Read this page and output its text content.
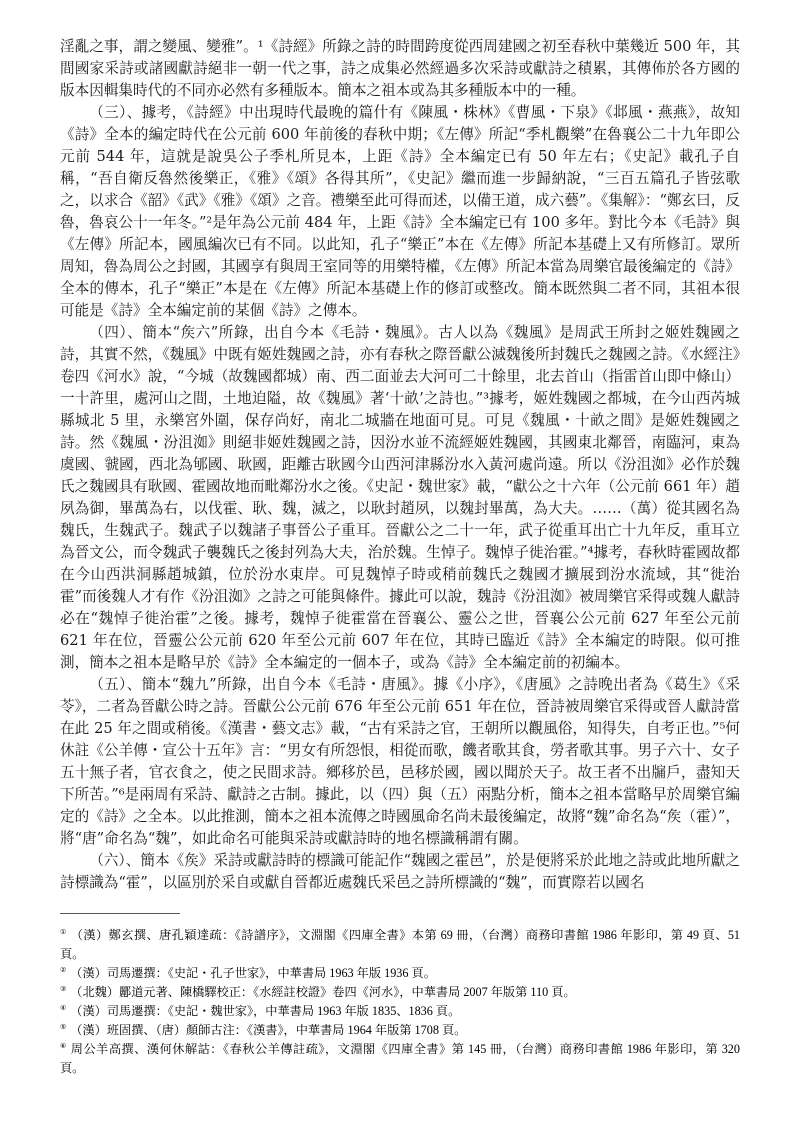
淫亂之事，謂之變風、變雅”。¹《詩經》所錄之詩的時間跨度從西周建國之初至春秋中葉幾近 500 年，其間國家采詩或諸國獻詩絕非一朝一代之事，詩之成集必然經過多次采詩或獻詩之積累，其傳佈於各方國的版本因輯集時代的不同亦必然有多種版本。簡本之祖本或為其多種版本中的一種。

（三）、據考，《詩經》中出現時代最晚的篇什有《陳風・株林》《曹風・下泉》《邶風・燕燕》，故知《詩》全本的編定時代在公元前 600 年前後的春秋中期；《左傳》所記“季札觀樂”在魯襄公二十九年即公元前 544 年，這就是說吳公子季札所見本，上距《詩》全本編定已有 50 年左右；《史記》載孔子自稱，“吾自衛反魯然後樂正，《雅》《頌》各得其所”，《史記》繼而進一步歸納說，“三百五篇孔子皆弦歌之，以求合《韶》《武》《雅》《頌》之音。禮樂至此可得而述，以備王道，成六藝”。《集解》：“鄭玄曰，反魯，魯哀公十一年冬。”²是年為公元前 484 年，上距《詩》全本編定已有 100 多年。對比今本《毛詩》與《左傳》所記本，國風編次已有不同。以此知，孔子“樂正”本在《左傳》所記本基礎上又有所修訂。眾所周知，魯為周公之封國，其國享有與周王室同等的用樂特權，《左傳》所記本當為周樂官最後編定的《詩》全本的傳本，孔子“樂正”本是在《左傳》所記本基礎上作的修訂或整改。簡本既然與二者不同，其祖本很可能是《詩》全本編定前的某個《詩》之傳本。

（四）、簡本“矦六”所錄，出自今本《毛詩・魏風》。古人以為《魏風》是周武王所封之姬姓魏國之詩，其實不然，《魏風》中既有姬姓魏國之詩，亦有春秋之際晉獻公滅魏後所封魏氏之魏國之詩。《水經注》卷四《河水》說，“今城（故魏國都城）南、西二面並去大河可二十餘里，北去首山（指雷首山即中條山）一十許里，處河山之間，土地迫隘，故《魏風》著‘十畝’之詩也。”³據考，姬姓魏國之都城，在今山西芮城縣城北 5 里，永樂宮外圍，保存尚好，南北二城牆在地面可見。可見《魏風・十畝之間》是姬姓魏國之詩。然《魏風・汾沮洳》則絕非姬姓魏國之詩，因汾水並不流經姬姓魏國，其國東北鄰晉，南臨河，東為虞國、虢國，西北為郇國、耿國，距離古耿國今山西河津縣汾水入黃河處尚遠。所以《汾沮洳》必作於魏氏之魏國具有耿國、霍國故地而毗鄰汾水之後。《史記・魏世家》載，“獻公之十六年（公元前 661 年）趙夙為御，畢萬為右，以伐霍、耿、魏，滅之，以耿封趙夙，以魏封畢萬，為大夫。……（萬）從其國名為魏氏，生魏武子。魏武子以魏諸子事晉公子重耳。晉獻公之二十一年，武子從重耳出亡十九年反，重耳立為晉文公，而令魏武子襲魏氏之後封列為大夫，治於魏。生悼子。魏悼子徙治霍。”⁴據考，春秋時霍國故都在今山西洪洞縣趙城鎮，位於汾水東岸。可見魏悼子時或稍前魏氏之魏國才擴展到汾水流域，其“徙治霍”而後魏人才有作《汾沮洳》之詩之可能與條件。據此可以說，魏詩《汾沮洳》被周樂官采得或魏人獻詩必在“魏悼子徙治霍”之後。據考，魏悼子徙霍當在晉襄公、靈公之世，晉襄公公元前 627 年至公元前 621 年在位，晉靈公公元前 620 年至公元前 607 年在位，其時已臨近《詩》全本編定的時限。似可推測，簡本之祖本是略早於《詩》全本編定的一個本子，或為《詩》全本編定前的初編本。

（五）、簡本“魏九”所錄，出自今本《毛詩・唐風》。據《小序》，《唐風》之詩晚出者為《葛生》《采苓》，二者為晉獻公時之詩。晉獻公公元前 676 年至公元前 651 年在位，晉詩被周樂官采得或晉人獻詩當在此 25 年之間或稍後。《漢書・藝文志》載，“古有采詩之官，王朝所以觀風俗，知得失，自考正也。”⁵何休註《公羊傳・宣公十五年》言：“男女有所怨恨，相從而歌，饑者歌其食，勞者歌其事。男子六十、女子五十無子者，官衣食之，使之民間求詩。鄉移於邑，邑移於國，國以聞於天子。故王者不出牖戶，盡知天下所苦。”⁶是兩周有采詩、獻詩之古制。據此，以（四）與（五）兩點分析，簡本之祖本當略早於周樂官編定的《詩》之全本。以此推測，簡本之祖本流傳之時國風命名尚未最後編定，故將“魏”命名為“矦（霍）”，將“唐”命名為“魏”，如此命名可能與采詩或獻詩時的地名標識稱謂有關。

（六）、簡本《矦》采詩或獻詩時的標識可能記作“魏國之霍邑”，於是便將采於此地之詩或此地所獻之詩標識為“霍”，以區別於采自或獻自晉都近處魏氏采邑之詩所標識的“魏”，而實際若以國名

① （漢）鄭玄撰、唐孔穎達疏：《詩譜序》，文淵閣《四庫全書》本第 69 冊，（台灣）商務印書館 1986 年影印，第 49 頁、51 頁。

② （漢）司馬遷撰：《史記・孔子世家》，中華書局 1963 年版 1936 頁。

③ （北魏）酈道元著、陳橋驛校正：《水經註校證》卷四《河水》，中華書局 2007 年版第 110 頁。

④ （漢）司馬遷撰：《史記・魏世家》，中華書局 1963 年版 1835、1836 頁。

⑤ （漢）班固撰、（唐）顏師古注：《漢書》，中華書局 1964 年版第 1708 頁。

⑥ 周公羊高撰、漢何休解詁：《春秋公羊傳註疏》，文淵閣《四庫全書》第 145 冊，（台灣）商務印書館 1986 年影印，第 320 頁。
